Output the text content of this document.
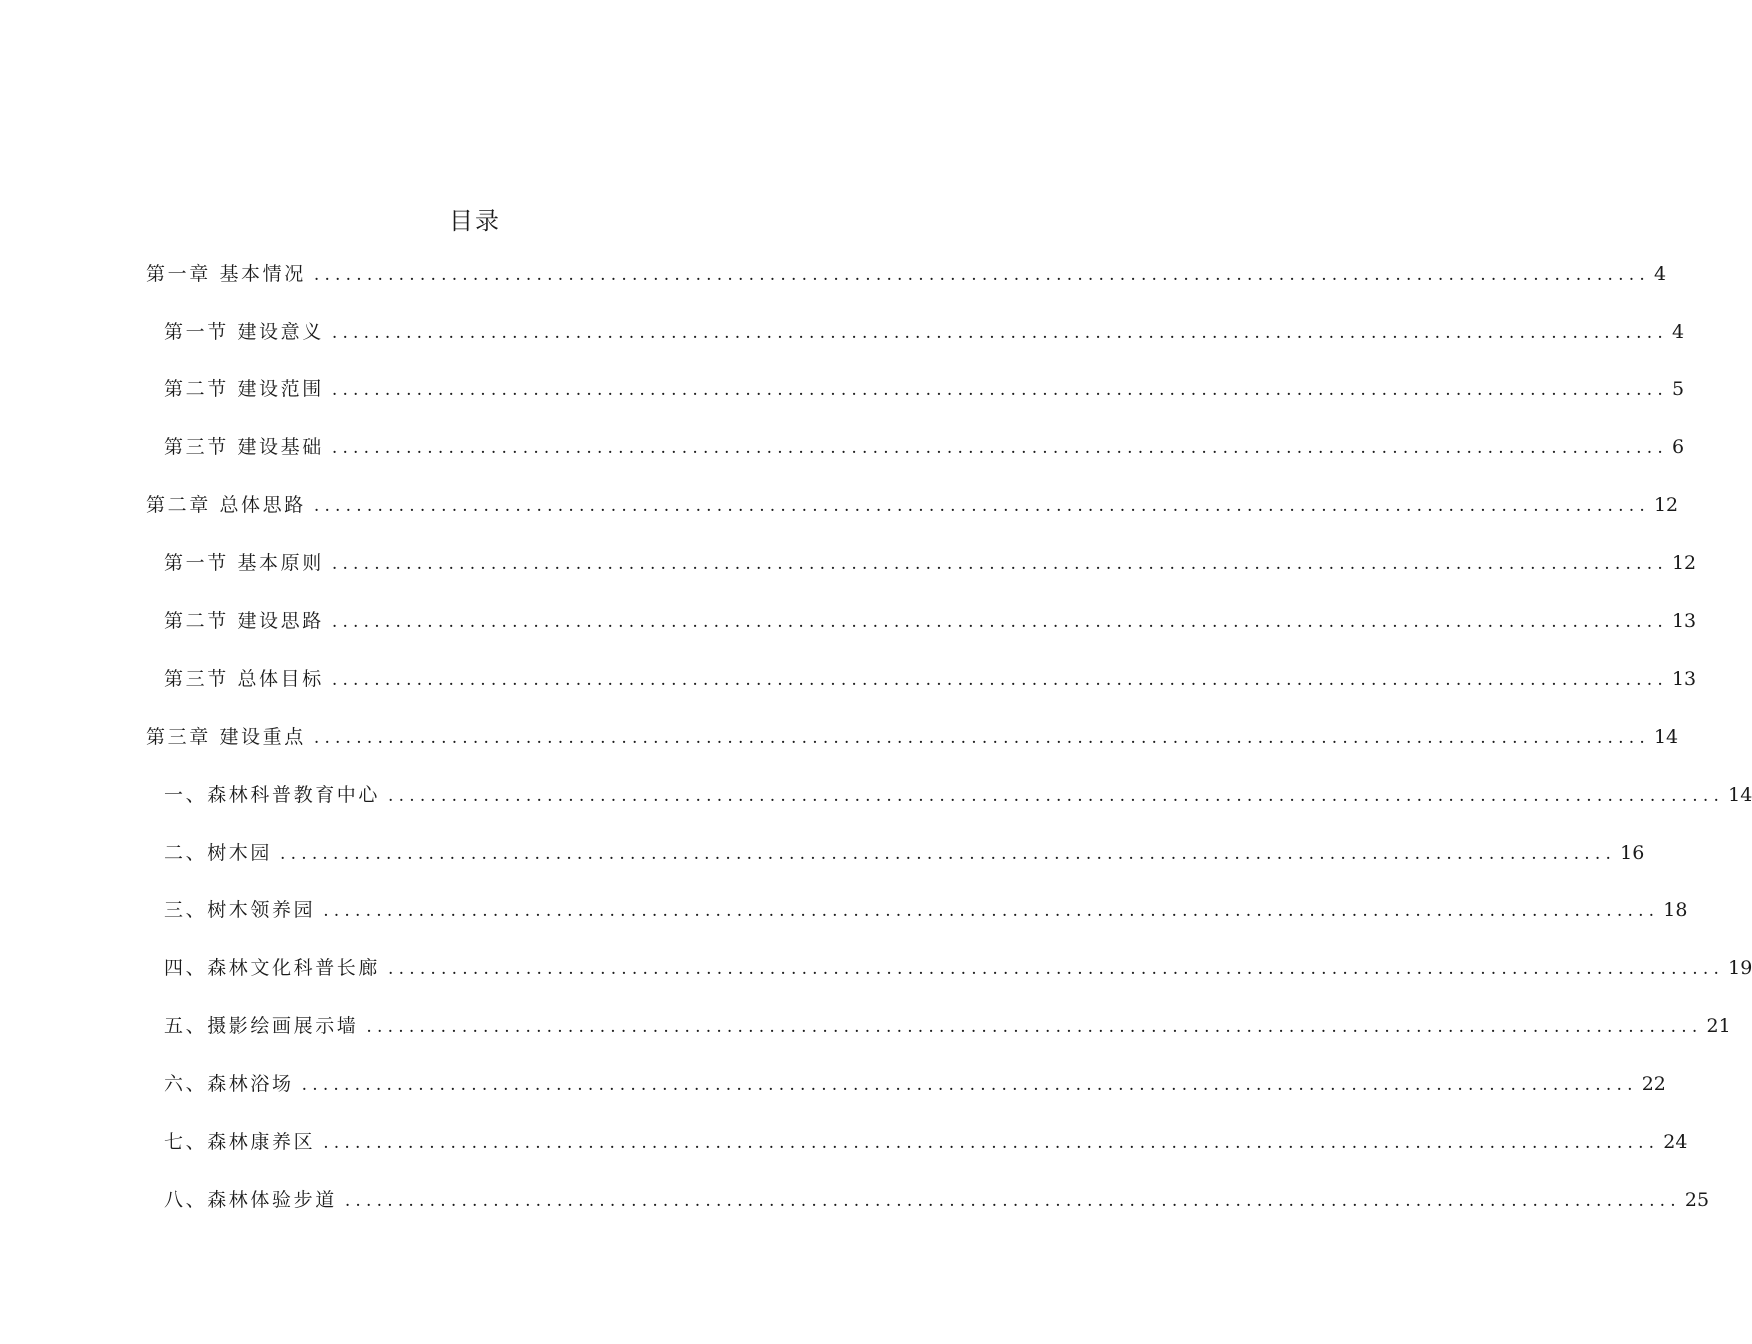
目录
第一章 基本情况 .............................................................................................................................. 4
第一节 建设意义 .............................................................................................................................. 4
第二节 建设范围 .............................................................................................................................. 5
第三节 建设基础 .............................................................................................................................. 6
第二章 总体思路 .............................................................................................................................. 12
第一节 基本原则 .............................................................................................................................. 12
第二节 建设思路 .............................................................................................................................. 13
第三节 总体目标 .............................................................................................................................. 13
第三章 建设重点 .............................................................................................................................. 14
一、森林科普教育中心 .............................................................................................................................. 14
二、树木园 .............................................................................................................................. 16
三、树木领养园 .............................................................................................................................. 18
四、森林文化科普长廊 .............................................................................................................................. 19
五、摄影绘画展示墙 .............................................................................................................................. 21
六、森林浴场 .............................................................................................................................. 22
七、森林康养区 .............................................................................................................................. 24
八、森林体验步道 .............................................................................................................................. 25
